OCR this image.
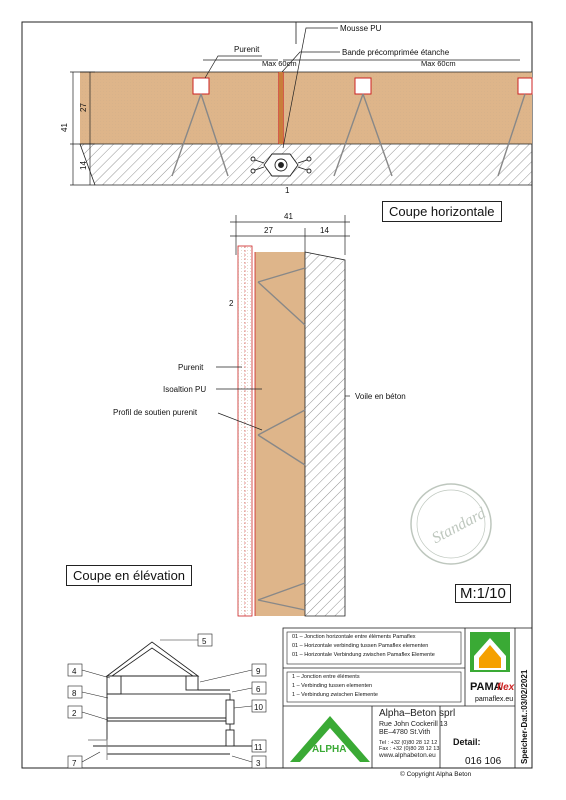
Mousse PU
Bande précomprimée étanche
Purenit
Max 60cm	Max 60cm
41
27
14
1
41
27	14
2
Purenit
Isoaltion PU
Profil de soutien purenit
Voile en béton
Standard
5
4	9
6
8
2
10
11
7	3
PAMA
flex
pamaflex.eu
ALPHA
Detail:
016 106 Speicher-Dat.:03/02/2021
© Copyright Alpha Beton
Coupe horizontale
Coupe en élévation
M:1/10
01 – Jonction horizontale entre éléments Pamaflex
01 – Horizontale verbinding tussen Pamaflex elementen
01 – Horizontale Verbindung zwischen Pamaflex Elemente
1 – Jonction entre éléments
1 – Verbinding tussen elementen
1 – Verbindung zwischen Elemente
Alpha–Beton sprl
Rue John Cockerill 13
BE–4780 St.Vith
Tel : +32 (0)80 28 12 12
Fax : +32 (0)80 28 12 13
www.alphabeton.eu
